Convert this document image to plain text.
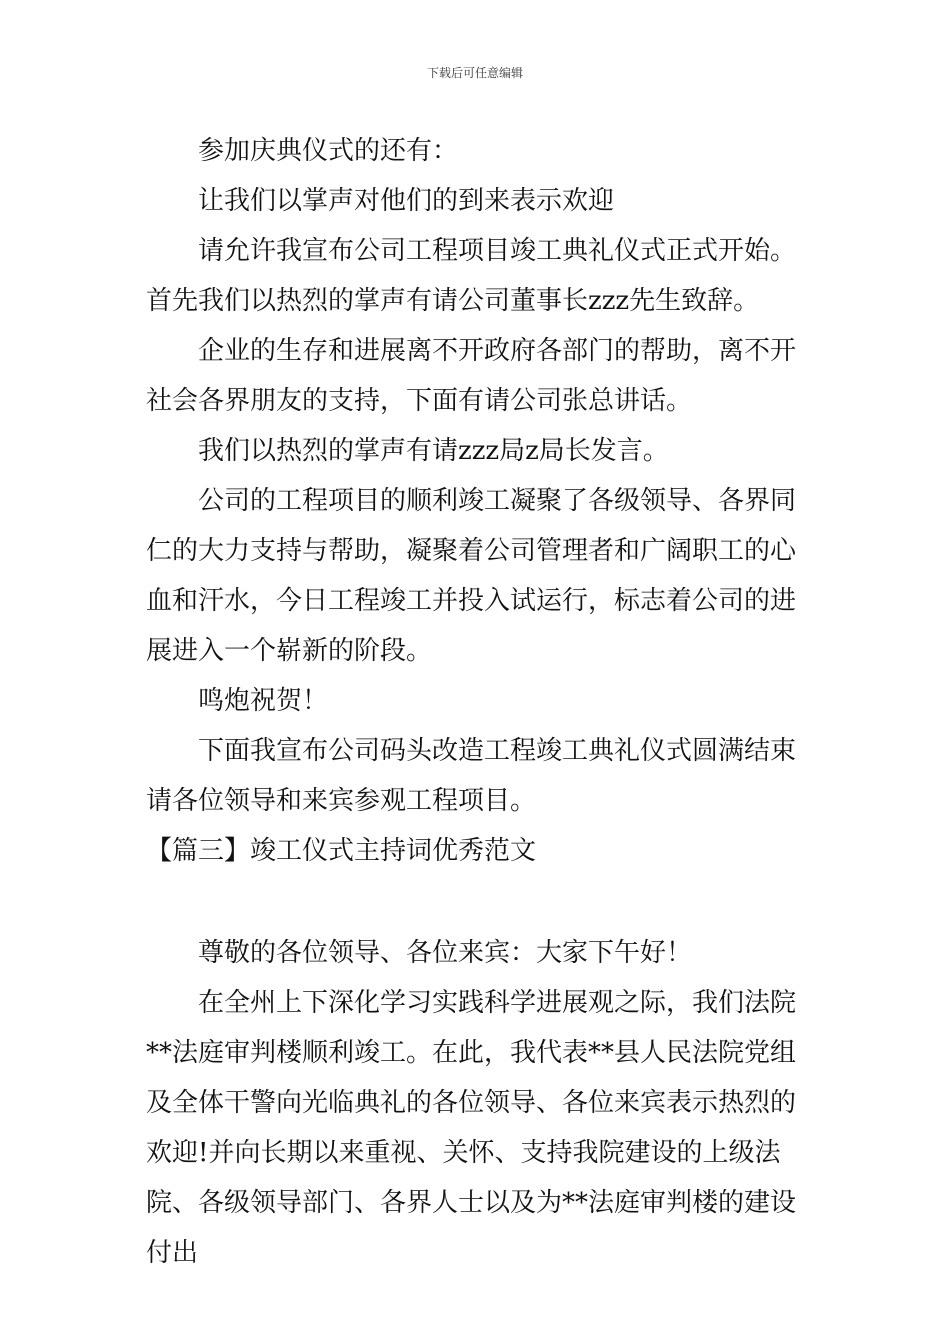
下载后可任意编辑

参加庆典仪式的还有：

让我们以掌声对他们的到来表示欢迎

请允许我宣布公司工程项目竣工典礼仪式正式开始。首先我们以热烈的掌声有请公司董事长zzz先生致辞。

企业的生存和进展离不开政府各部门的帮助，离不开社会各界朋友的支持，下面有请公司张总讲话。

我们以热烈的掌声有请zzz局z局长发言。

公司的工程项目的顺利竣工凝聚了各级领导、各界同仁的大力支持与帮助，凝聚着公司管理者和广阔职工的心血和汗水，今日工程竣工并投入试运行，标志着公司的进展进入一个崭新的阶段。

鸣炮祝贺！

下面我宣布公司码头改造工程竣工典礼仪式圆满结束请各位领导和来宾参观工程项目。

【篇三】竣工仪式主持词优秀范文

尊敬的各位领导、各位来宾：大家下午好！

在全州上下深化学习实践科学进展观之际，我们法院**法庭审判楼顺利竣工。在此，我代表**县人民法院党组及全体干警向光临典礼的各位领导、各位来宾表示热烈的欢迎!并向长期以来重视、关怀、支持我院建设的上级法院、各级领导部门、各界人士以及为**法庭审判楼的建设付出
